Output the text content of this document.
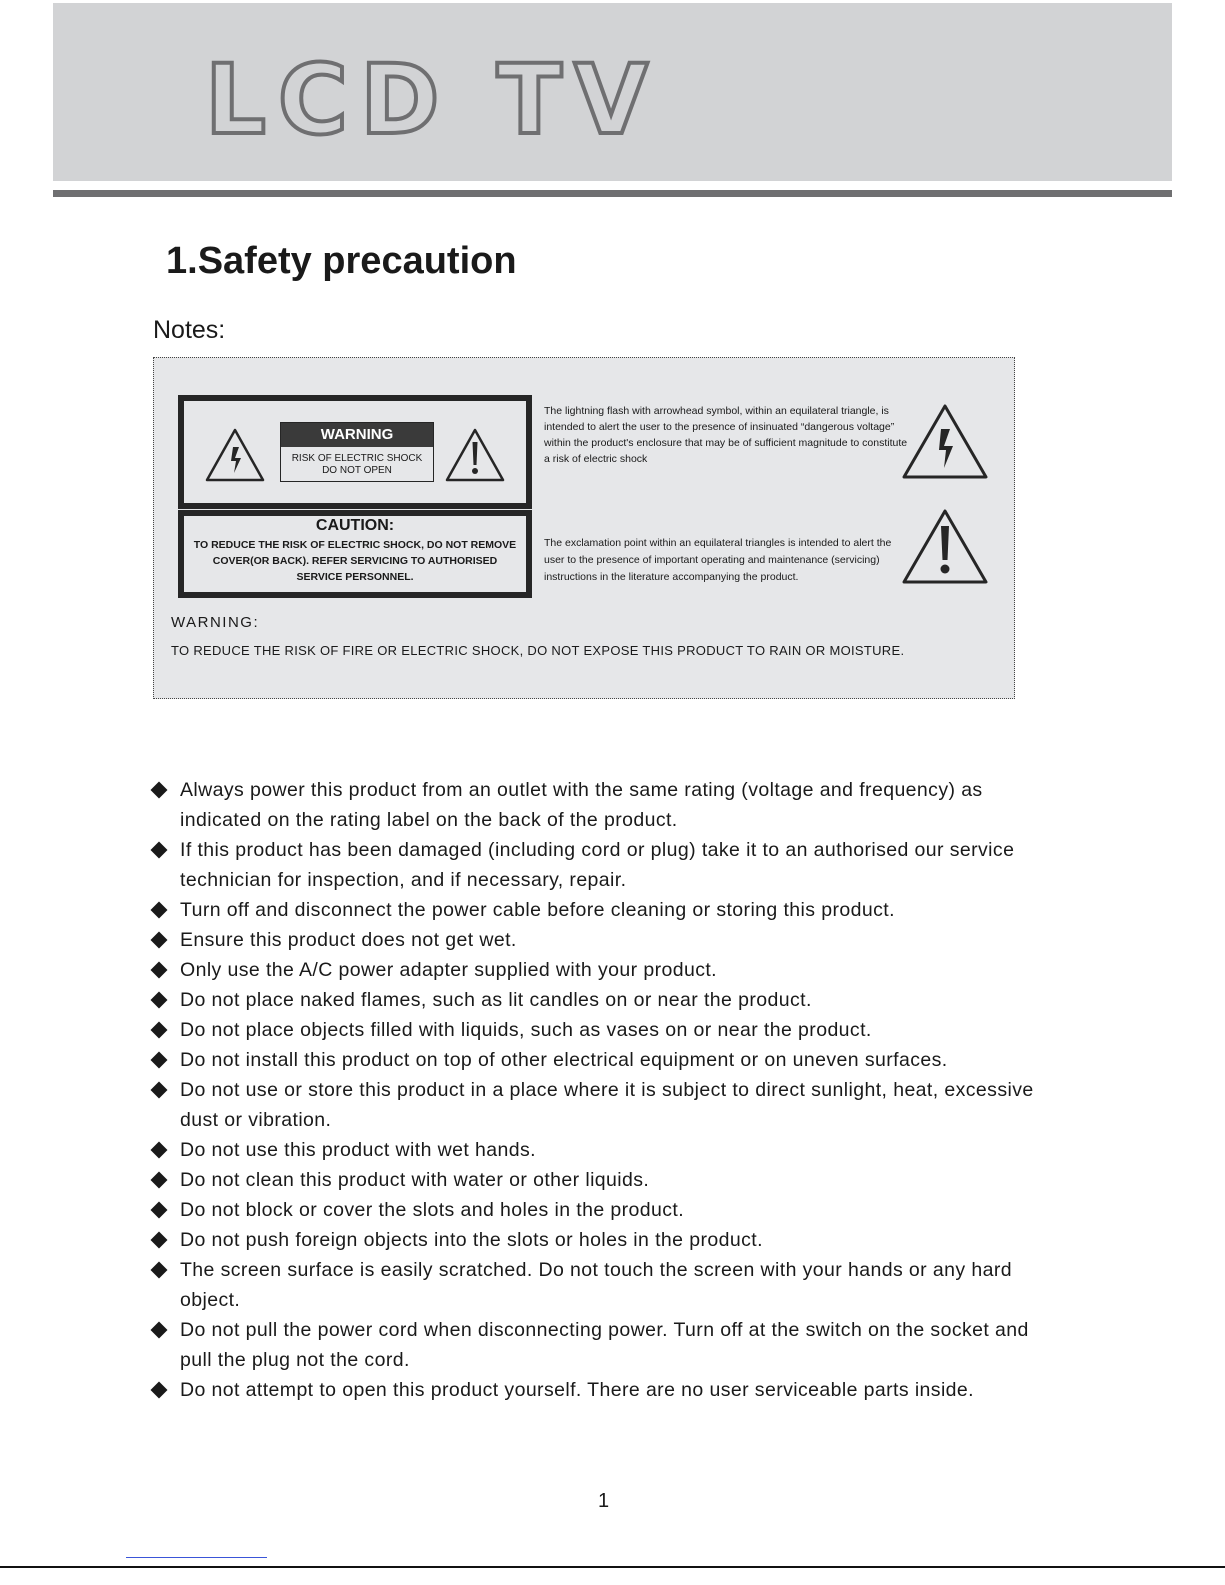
LCD TV
1.Safety precaution
Notes:
WARNING
RISK OF ELECTRIC SHOCK
DO NOT OPEN
CAUTION:
TO REDUCE THE RISK OF ELECTRIC SHOCK, DO NOT REMOVE COVER(OR BACK). REFER SERVICING TO AUTHORISED SERVICE PERSONNEL.
The lightning flash with arrowhead symbol, within an equilateral triangle, is intended to alert the user to the presence of insinuated “dangerous voltage” within the product's enclosure that may be of sufficient magnitude to constitute a risk of electric shock
The exclamation point within an equilateral triangles is intended to alert the user to the presence of important operating and maintenance (servicing) instructions in the literature accompanying the product.
WARNING:
TO REDUCE THE RISK OF FIRE OR ELECTRIC SHOCK, DO NOT EXPOSE THIS PRODUCT TO RAIN OR MOISTURE.
Always power this product from an outlet with the same rating (voltage and frequency) as indicated on the rating label on the back of the product.
If this product has been damaged (including cord or plug) take it to an authorised our service technician for inspection, and if necessary, repair.
Turn off and disconnect the power cable before cleaning or storing this product.
Ensure this product does not get wet.
Only use the A/C power adapter supplied with your product.
Do not place naked flames, such as lit candles on or near the product.
Do not place objects filled with liquids, such as vases on or near the product.
Do not install this product on top of other electrical equipment or on uneven surfaces.
Do not use or store this product in a place where it is subject to direct sunlight, heat, excessive dust or vibration.
Do not use this product with wet hands.
Do not clean this product with water or other liquids.
Do not block or cover the slots and holes in the product.
Do not push foreign objects into the slots or holes in the product.
The screen surface is easily scratched. Do not touch the screen with your hands or any hard object.
Do not pull the power cord when disconnecting power. Turn off at the switch on the socket and pull the plug not the cord.
Do not attempt to open this product yourself. There are no user serviceable parts inside.
1
